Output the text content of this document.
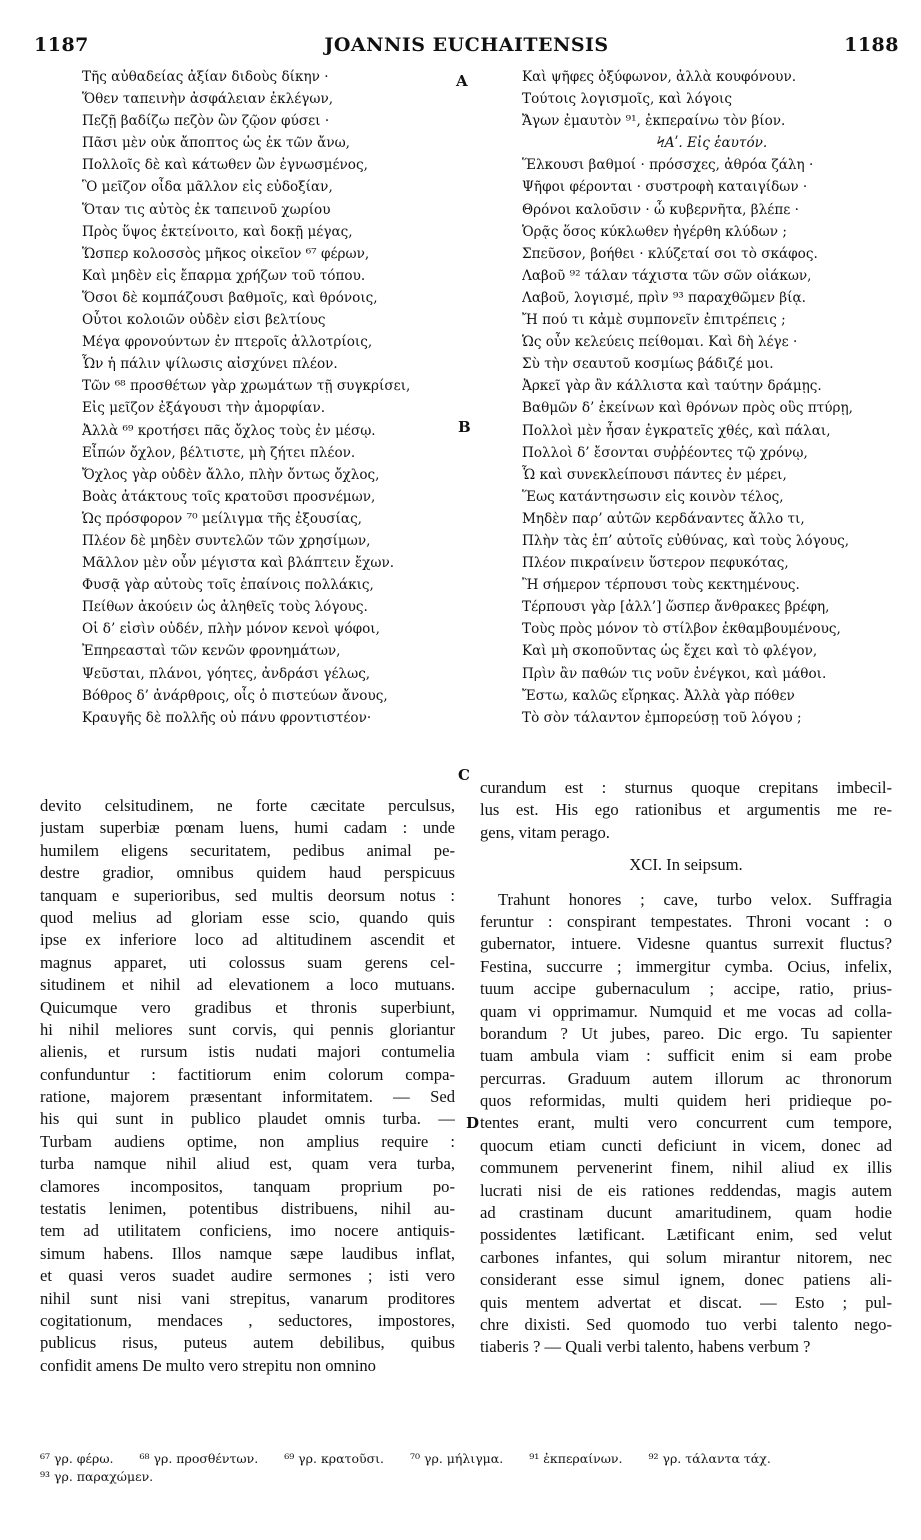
1187	JOANNIS EUCHAITENSIS	1188
A
B
C
D
Τῆς αὐθαδείας ἀξίαν διδοὺς δίκην ·
Ὅθεν ταπεινὴν ἀσφάλειαν ἐκλέγων,
Πεζῇ βαδίζω πεζὸν ὢν ζῷον φύσει ·
Πᾶσι μὲν οὐκ ἄποπτος ὡς ἐκ τῶν ἄνω,
Πολλοῖς δὲ καὶ κάτωθεν ὢν ἐγνωσμένος,
Ὃ μεῖζον οἶδα μᾶλλον εἰς εὐδοξίαν,
Ὅταν τις αὐτὸς ἐκ ταπεινοῦ χωρίου
Πρὸς ὕψος ἐκτείνοιτο, καὶ δοκῇ μέγας,
Ὥσπερ κολοσσὸς μῆκος οἰκεῖον ⁶⁷ φέρων,
Καὶ μηδὲν εἰς ἔπαρμα χρήζων τοῦ τόπου.
Ὅσοι δὲ κομπάζουσι βαθμοῖς, καὶ θρόνοις,
Οὗτοι κολοιῶν οὐδὲν εἰσι βελτίους
Μέγα φρονούντων ἐν πτεροῖς ἀλλοτρίοις,
Ὧν ἡ πάλιν ψίλωσις αἰσχύνει πλέον.
Τῶν ⁶⁸ προσθέτων γὰρ χρωμάτων τῇ συγκρίσει,
Εἰς μεῖζον ἐξάγουσι τὴν ἀμορφίαν.
Ἀλλὰ ⁶⁹ κροτήσει πᾶς ὄχλος τοὺς ἐν μέσῳ.
Εἶπών ὄχλον, βέλτιστε, μὴ ζήτει πλέον.
Ὄχλος γὰρ οὐδὲν ἄλλο, πλὴν ὄντως ὄχλος,
Βοὰς ἀτάκτους τοῖς κρατοῦσι προσνέμων,
Ὡς πρόσφορον ⁷⁰ μείλιγμα τῆς ἐξουσίας,
Πλέον δὲ μηδὲν συντελῶν τῶν χρησίμων,
Μᾶλλον μὲν οὖν μέγιστα καὶ βλάπτειν ἔχων.
Φυσᾷ γὰρ αὐτοὺς τοῖς ἐπαίνοις πολλάκις,
Πείθων ἀκούειν ὡς ἀληθεῖς τοὺς λόγους.
Οἱ δ’ εἰσὶν οὐδέν, πλὴν μόνον κενοὶ ψόφοι,
Ἐπηρεασταὶ τῶν κενῶν φρονημάτων,
Ψεῦσται, πλάνοι, γόητες, ἀνδράσι γέλως,
Βόθρος δ’ ἀνάρθροις, οἷς ὁ πιστεύων ἄνους,
Κραυγῆς δὲ πολλῆς οὐ πάνυ φροντιστέον·
Καὶ ψῆφες ὀξύφωνον, ἀλλὰ κουφόνουν.
Τούτοις λογισμοῖς, καὶ λόγοις
Ἄγων ἐμαυτὸν ⁹¹, ἐκπεραίνω τὸν βίον.
ϞΑʹ. Εἰς ἑαυτόν.
Ἕλκουσι βαθμοί · πρόσσχες, ἀθρόα ζάλη ·
Ψῆφοι φέρονται · συστροφὴ καταιγίδων ·
Θρόνοι καλοῦσιν · ὦ κυβερνῆτα, βλέπε ·
Ὁρᾷς ὅσος κύκλωθεν ἠγέρθη κλύδων ;
Σπεῦσον, βοήθει · κλύζεταί σοι τὸ σκάφος.
Λαβοῦ ⁹² τάλαν τάχιστα τῶν σῶν οἰάκων,
Λαβοῦ, λογισμέ, πρὶν ⁹³ παραχθῶμεν βίᾳ.
Ἤ πού τι κἀμὲ συμπονεῖν ἐπιτρέπεις ;
Ὡς οὖν κελεύεις πείθομαι. Καὶ δὴ λέγε ·
Σὺ τὴν σεαυτοῦ κοσμίως βάδιζέ μοι.
Ἀρκεῖ γὰρ ἂν κάλλιστα καὶ ταύτην δράμῃς.
Βαθμῶν δ’ ἐκείνων καὶ θρόνων πρὸς οὓς πτύρῃ,
Πολλοὶ μὲν ἦσαν ἐγκρατεῖς χθές, καὶ πάλαι,
Πολλοὶ δ’ ἔσονται συῤῥέοντες τῷ χρόνῳ,
Ὧ καὶ συνεκλείπουσι πάντες ἐν μέρει,
Ἕως κατάντησωσιν εἰς κοινὸν τέλος,
Μηδὲν παρ’ αὐτῶν κερδάναντες ἄλλο τι,
Πλὴν τὰς ἐπ’ αὐτοῖς εὐθύνας, καὶ τοὺς λόγους,
Πλέον πικραίνειν ὕστερον πεφυκότας,
Ἢ σήμερον τέρπουσι τοὺς κεκτημένους.
Τέρπουσι γὰρ [ἀλλ’] ὥσπερ ἄνθρακες βρέφη,
Τοὺς πρὸς μόνον τὸ στίλβον ἐκθαμβουμένους,
Καὶ μὴ σκοποῦντας ὡς ἔχει καὶ τὸ φλέγον,
Πρὶν ἂν παθών τις νοῦν ἐνέγκοι, καὶ μάθοι.
Ἔστω, καλῶς εἴρηκας. Ἀλλὰ γὰρ πόθεν
Τὸ σὸν τάλαντον ἐμπορεύσῃ τοῦ λόγου ;
devito celsitudinem, ne forte cæcitate perculsus,
justam superbiæ pœnam luens, humi cadam : unde
humilem eligens securitatem, pedibus animal pe-
destre gradior, omnibus quidem haud perspicuus
tanquam e superioribus, sed multis deorsum notus :
quod melius ad gloriam esse scio, quando quis
ipse ex inferiore loco ad altitudinem ascendit et
magnus apparet, uti colossus suam gerens cel-
situdinem et nihil ad elevationem a loco mutuans.
Quicumque vero gradibus et thronis superbiunt,
hi nihil meliores sunt corvis, qui pennis gloriantur
alienis, et rursum istis nudati majori contumelia
confunduntur : factitiorum enim colorum compa-
ratione, majorem præsentant informitatem. — Sed
his qui sunt in publico plaudet omnis turba. —
Turbam audiens optime, non amplius require :
turba namque nihil aliud est, quam vera turba,
clamores incompositos, tanquam proprium po-
testatis lenimen, potentibus distribuens, nihil au-
tem ad utilitatem conficiens, imo nocere antiquis-
simum habens. Illos namque sæpe laudibus inflat,
et quasi veros suadet audire sermones ; isti vero
nihil sunt nisi vani strepitus, vanarum proditores
cogitationum, mendaces , seductores, impostores,
publicus risus, puteus autem debilibus, quibus
confidit amens De multo vero strepitu non omnino
curandum est : sturnus quoque crepitans imbecil-
lus est. His ego rationibus et argumentis me re-
gens, vitam perago.
XCI. In seipsum.
Trahunt honores ; cave, turbo velox. Suffragia
feruntur : conspirant tempestates. Throni vocant : o
gubernator, intuere. Videsne quantus surrexit fluctus?
Festina, succurre ; immergitur cymba. Ocius, infelix,
tuum accipe gubernaculum ; accipe, ratio, prius-
quam vi opprimamur. Numquid et me vocas ad colla-
borandum ? Ut jubes, pareo. Dic ergo. Tu sapienter
tuam ambula viam : sufficit enim si eam probe
percurras. Graduum autem illorum ac thronorum
quos reformidas, multi quidem heri pridieque po-
tentes erant, multi vero concurrent cum tempore,
quocum etiam cuncti deficiunt in vicem, donec ad
communem pervenerint finem, nihil aliud ex illis
lucrati nisi de eis rationes reddendas, magis autem
ad crastinam ducunt amaritudinem, quam hodie
possidentes lætificant. Lætificant enim, sed velut
carbones infantes, qui solum mirantur nitorem, nec
considerant esse simul ignem, donec patiens ali-
quis mentem advertat et discat. — Esto ; pul-
chre dixisti. Sed quomodo tuo verbi talento nego-
tiaberis ? — Quali verbi talento, habens verbum ?
⁶⁷ γρ. φέρω. ⁶⁸ γρ. προσθέντων. ⁶⁹ γρ. κρατοῦσι. ⁷⁰ γρ. μήλιγμα. ⁹¹ ἐκπεραίνων. ⁹² γρ. τάλαντα τάχ.
⁹³ γρ. παραχώμεν.
